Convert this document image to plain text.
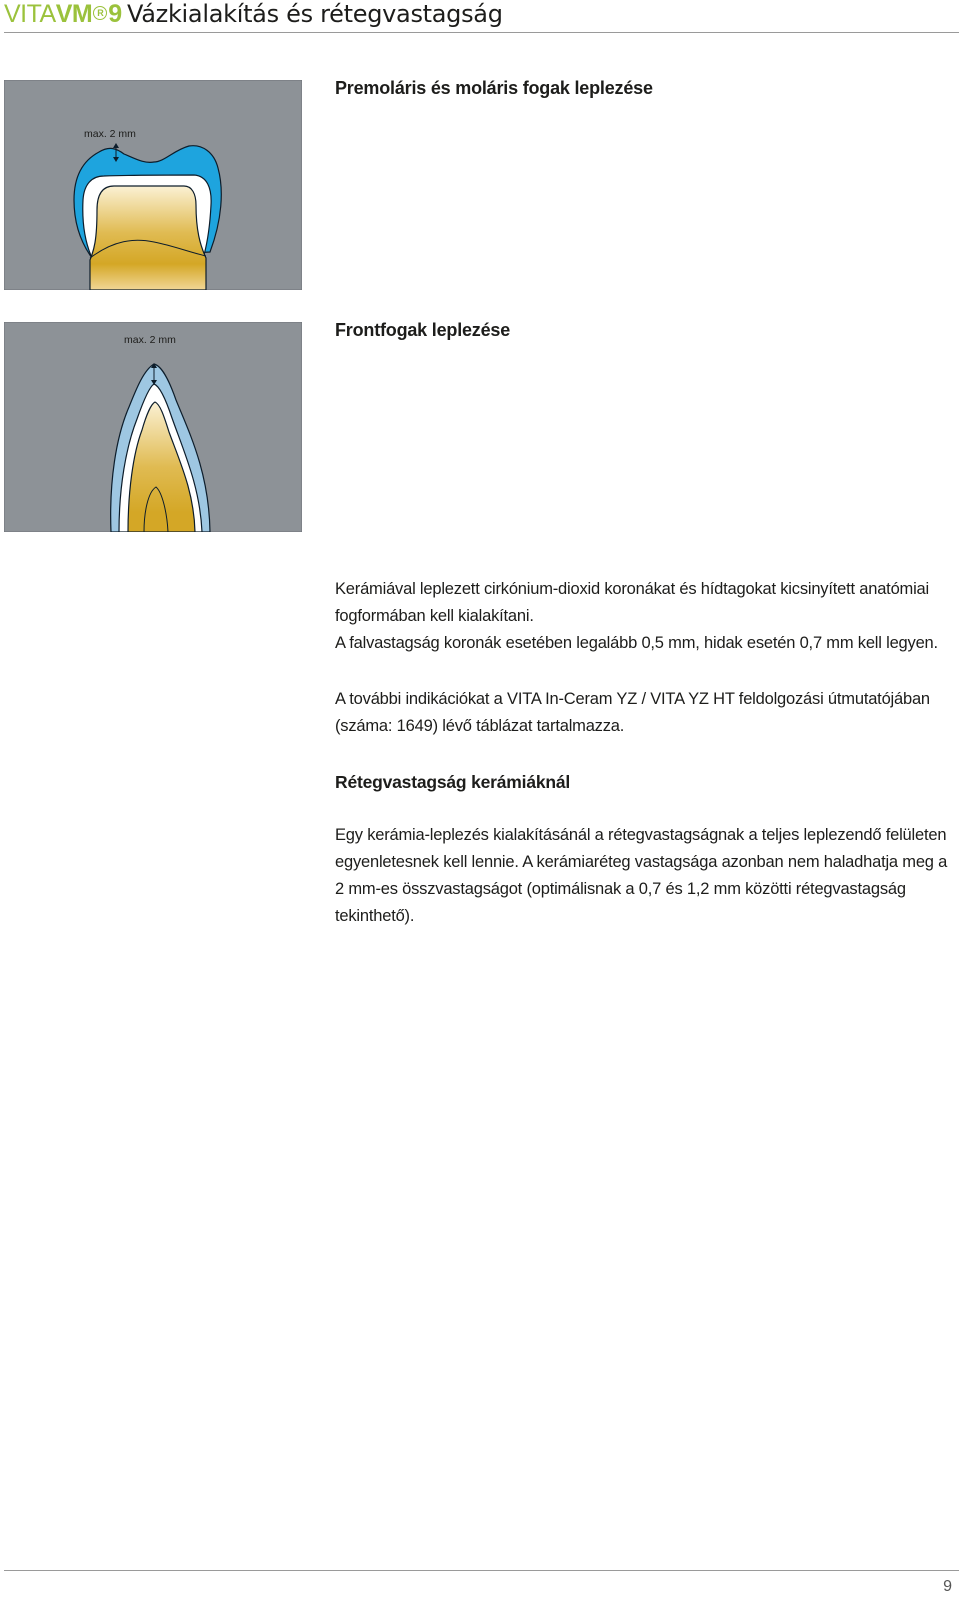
VITAVM R 9 Vázkialakítás és rétegvastagság
max. 2 mm
max. 2 mm
Premoláris és moláris fogak leplezése
Frontfogak leplezése

Kerámiával leplezett cirkónium-dioxid koronákat és hídtagokat kicsinyített anatómiai fogformában kell kialakítani.

A falvastagság koronák esetében legalább 0,5 mm, hidak esetén 0,7 mm kell legyen.

A további indikációkat a VITA In-Ceram YZ / VITA YZ HT feldolgozási útmutatójában (száma: 1649) lévő táblázat tartalmazza.

Rétegvastagság kerámiáknál

Egy kerámia-leplezés kialakításánál a rétegvastagságnak a teljes leplezendő felületen egyenletesnek kell lennie. A kerámiaréteg vastagsága azonban nem haladhatja meg a 2 mm-es összvastagságot (optimálisnak a 0,7 és 1,2 mm közötti rétegvastagság tekinthető).

9
